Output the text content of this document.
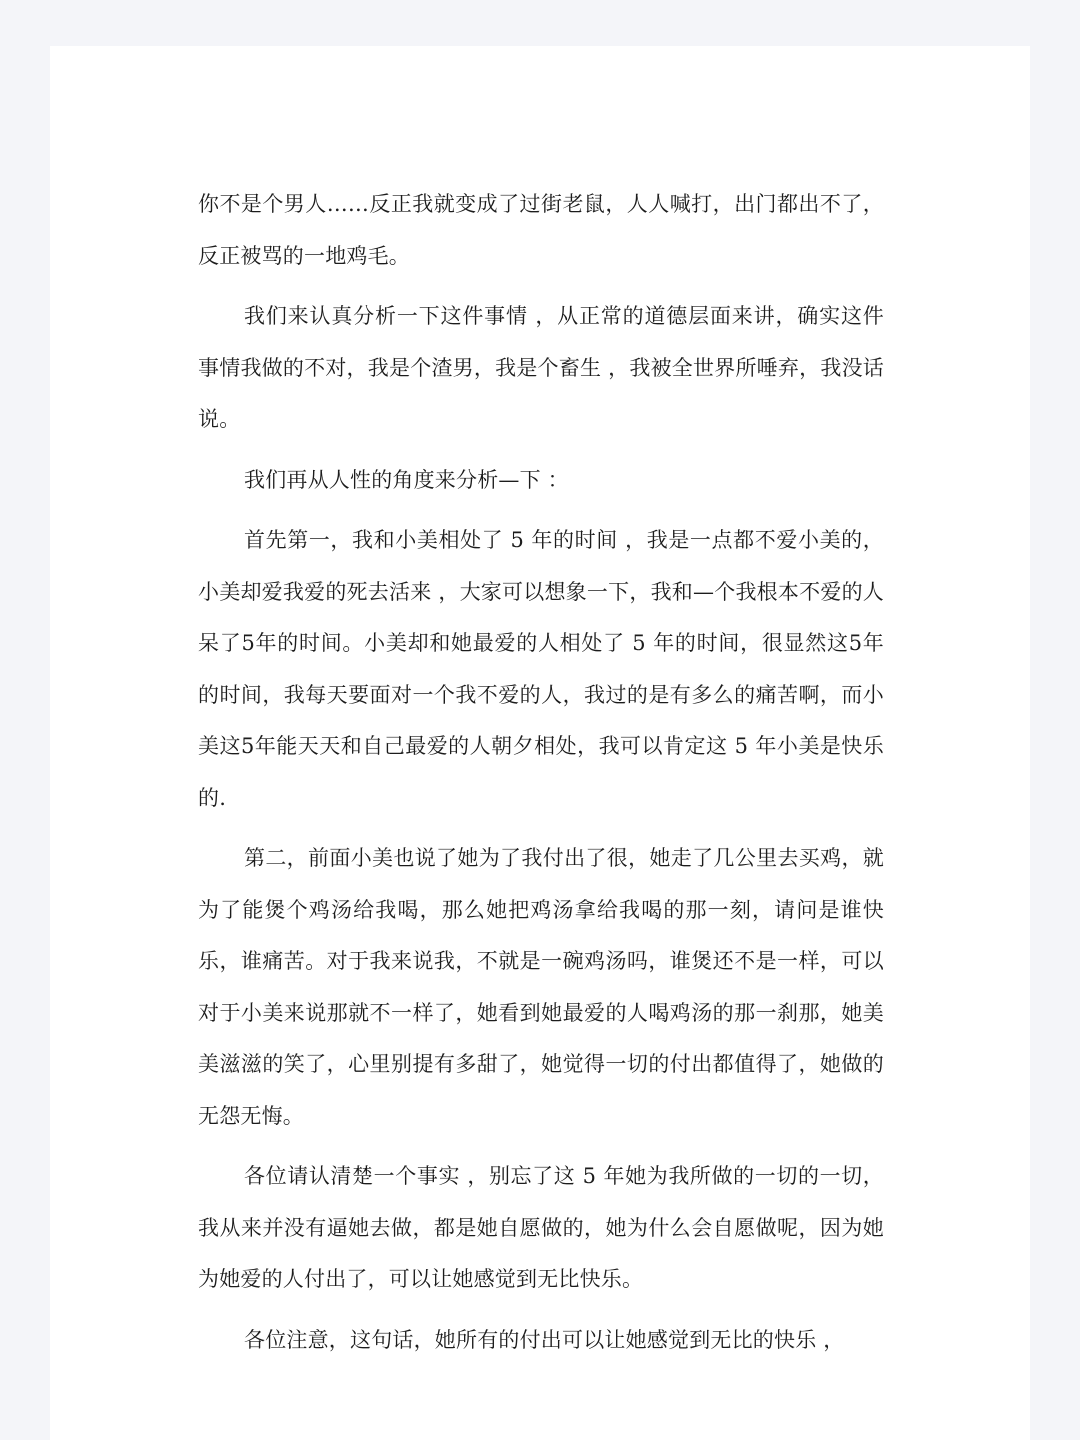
你不是个男人……反正我就变成了过街老鼠，人人喊打，出门都出不了，反正被骂的一地鸡毛。

我们来认真分析一下这件事情 ，从正常的道德层面来讲，确实这件事情我做的不对，我是个渣男，我是个畜生 ，我被全世界所唾弃，我没话说。

我们再从人性的角度来分析—下 ：

首先第一，我和小美相处了 5 年的时间 ，我是一点都不爱小美的，小美却爱我爱的死去活来 ，大家可以想象一下，我和—个我根本不爱的人呆了5年的时间。小美却和她最爱的人相处了 5 年的时间，很显然这5年的时间，我每天要面对一个我不爱的人，我过的是有多么的痛苦啊，而小美这5年能天天和自己最爱的人朝夕相处，我可以肯定这 5 年小美是快乐的.

第二，前面小美也说了她为了我付出了很，她走了几公里去买鸡，就为了能煲个鸡汤给我喝，那么她把鸡汤拿给我喝的那一刻，请问是谁快乐，谁痛苦。对于我来说我，不就是一碗鸡汤吗，谁煲还不是一样，可以对于小美来说那就不一样了，她看到她最爱的人喝鸡汤的那一刹那，她美美滋滋的笑了，心里别提有多甜了，她觉得一切的付出都值得了，她做的无怨无悔。

各位请认清楚一个事实 ，别忘了这 5 年她为我所做的一切的一切，我从来并没有逼她去做，都是她自愿做的，她为什么会自愿做呢，因为她为她爱的人付出了，可以让她感觉到无比快乐。

各位注意，这句话，她所有的付出可以让她感觉到无比的快乐 ，
